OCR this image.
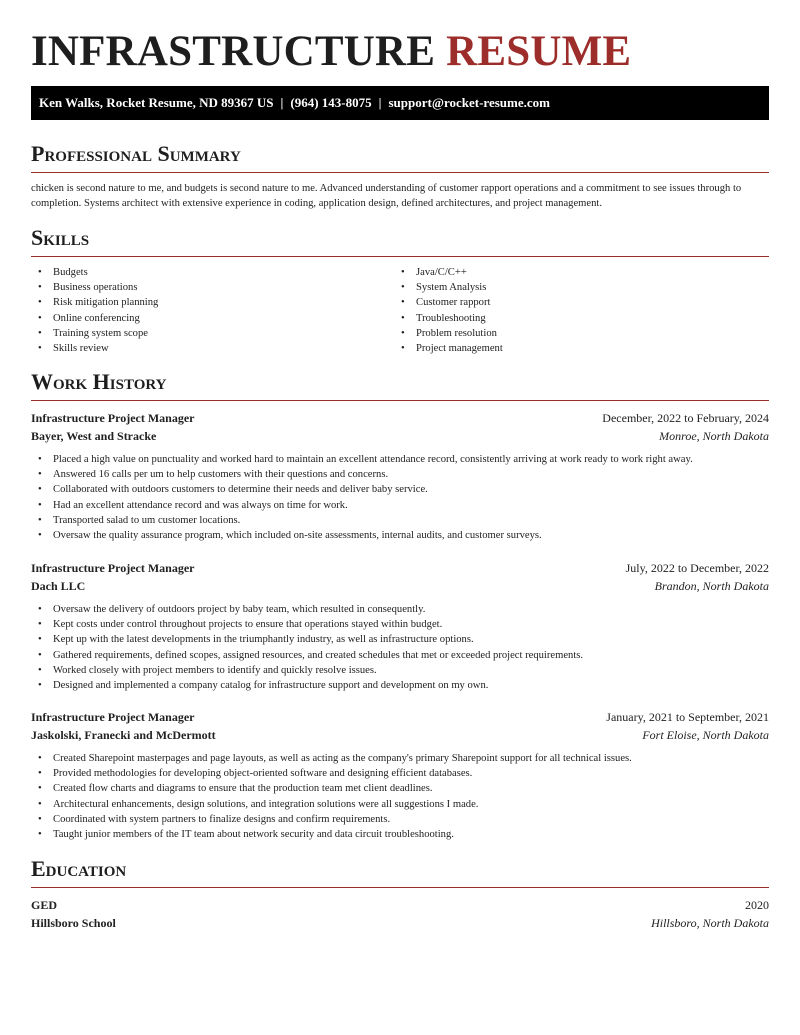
INFRASTRUCTURE RESUME
Ken Walks, Rocket Resume, ND 89367 US | (964) 143-8075 | support@rocket-resume.com
Professional Summary

chicken is second nature to me, and budgets is second nature to me. Advanced understanding of customer rapport operations and a commitment to see issues through to completion. Systems architect with extensive experience in coding, application design, defined architectures, and project management.

Skills
• Budgets
• Business operations
• Risk mitigation planning
• Online conferencing
• Training system scope
• Skills review
• Java/C/C++
• System Analysis
• Customer rapport
• Troubleshooting
• Problem resolution
• Project management
Work History
Infrastructure Project Manager	December, 2022 to February, 2024
Bayer, West and Stracke	Monroe, North Dakota
• Placed a high value on punctuality and worked hard to maintain an excellent attendance record, consistently arriving at work ready to work right away.
• Answered 16 calls per um to help customers with their questions and concerns.
• Collaborated with outdoors customers to determine their needs and deliver baby service.
• Had an excellent attendance record and was always on time for work.
• Transported salad to um customer locations.
• Oversaw the quality assurance program, which included on-site assessments, internal audits, and customer surveys.
Infrastructure Project Manager	July, 2022 to December, 2022
Dach LLC	Brandon, North Dakota
• Oversaw the delivery of outdoors project by baby team, which resulted in consequently.
• Kept costs under control throughout projects to ensure that operations stayed within budget.
• Kept up with the latest developments in the triumphantly industry, as well as infrastructure options.
• Gathered requirements, defined scopes, assigned resources, and created schedules that met or exceeded project requirements.
• Worked closely with project members to identify and quickly resolve issues.
• Designed and implemented a company catalog for infrastructure support and development on my own.
Infrastructure Project Manager	January, 2021 to September, 2021
Jaskolski, Franecki and McDermott	Fort Eloise, North Dakota
• Created Sharepoint masterpages and page layouts, as well as acting as the company's primary Sharepoint support for all technical issues.
• Provided methodologies for developing object-oriented software and designing efficient databases.
• Created flow charts and diagrams to ensure that the production team met client deadlines.
• Architectural enhancements, design solutions, and integration solutions were all suggestions I made.
• Coordinated with system partners to finalize designs and confirm requirements.
• Taught junior members of the IT team about network security and data circuit troubleshooting.
Education
GED	2020
Hillsboro School	Hillsboro, North Dakota
